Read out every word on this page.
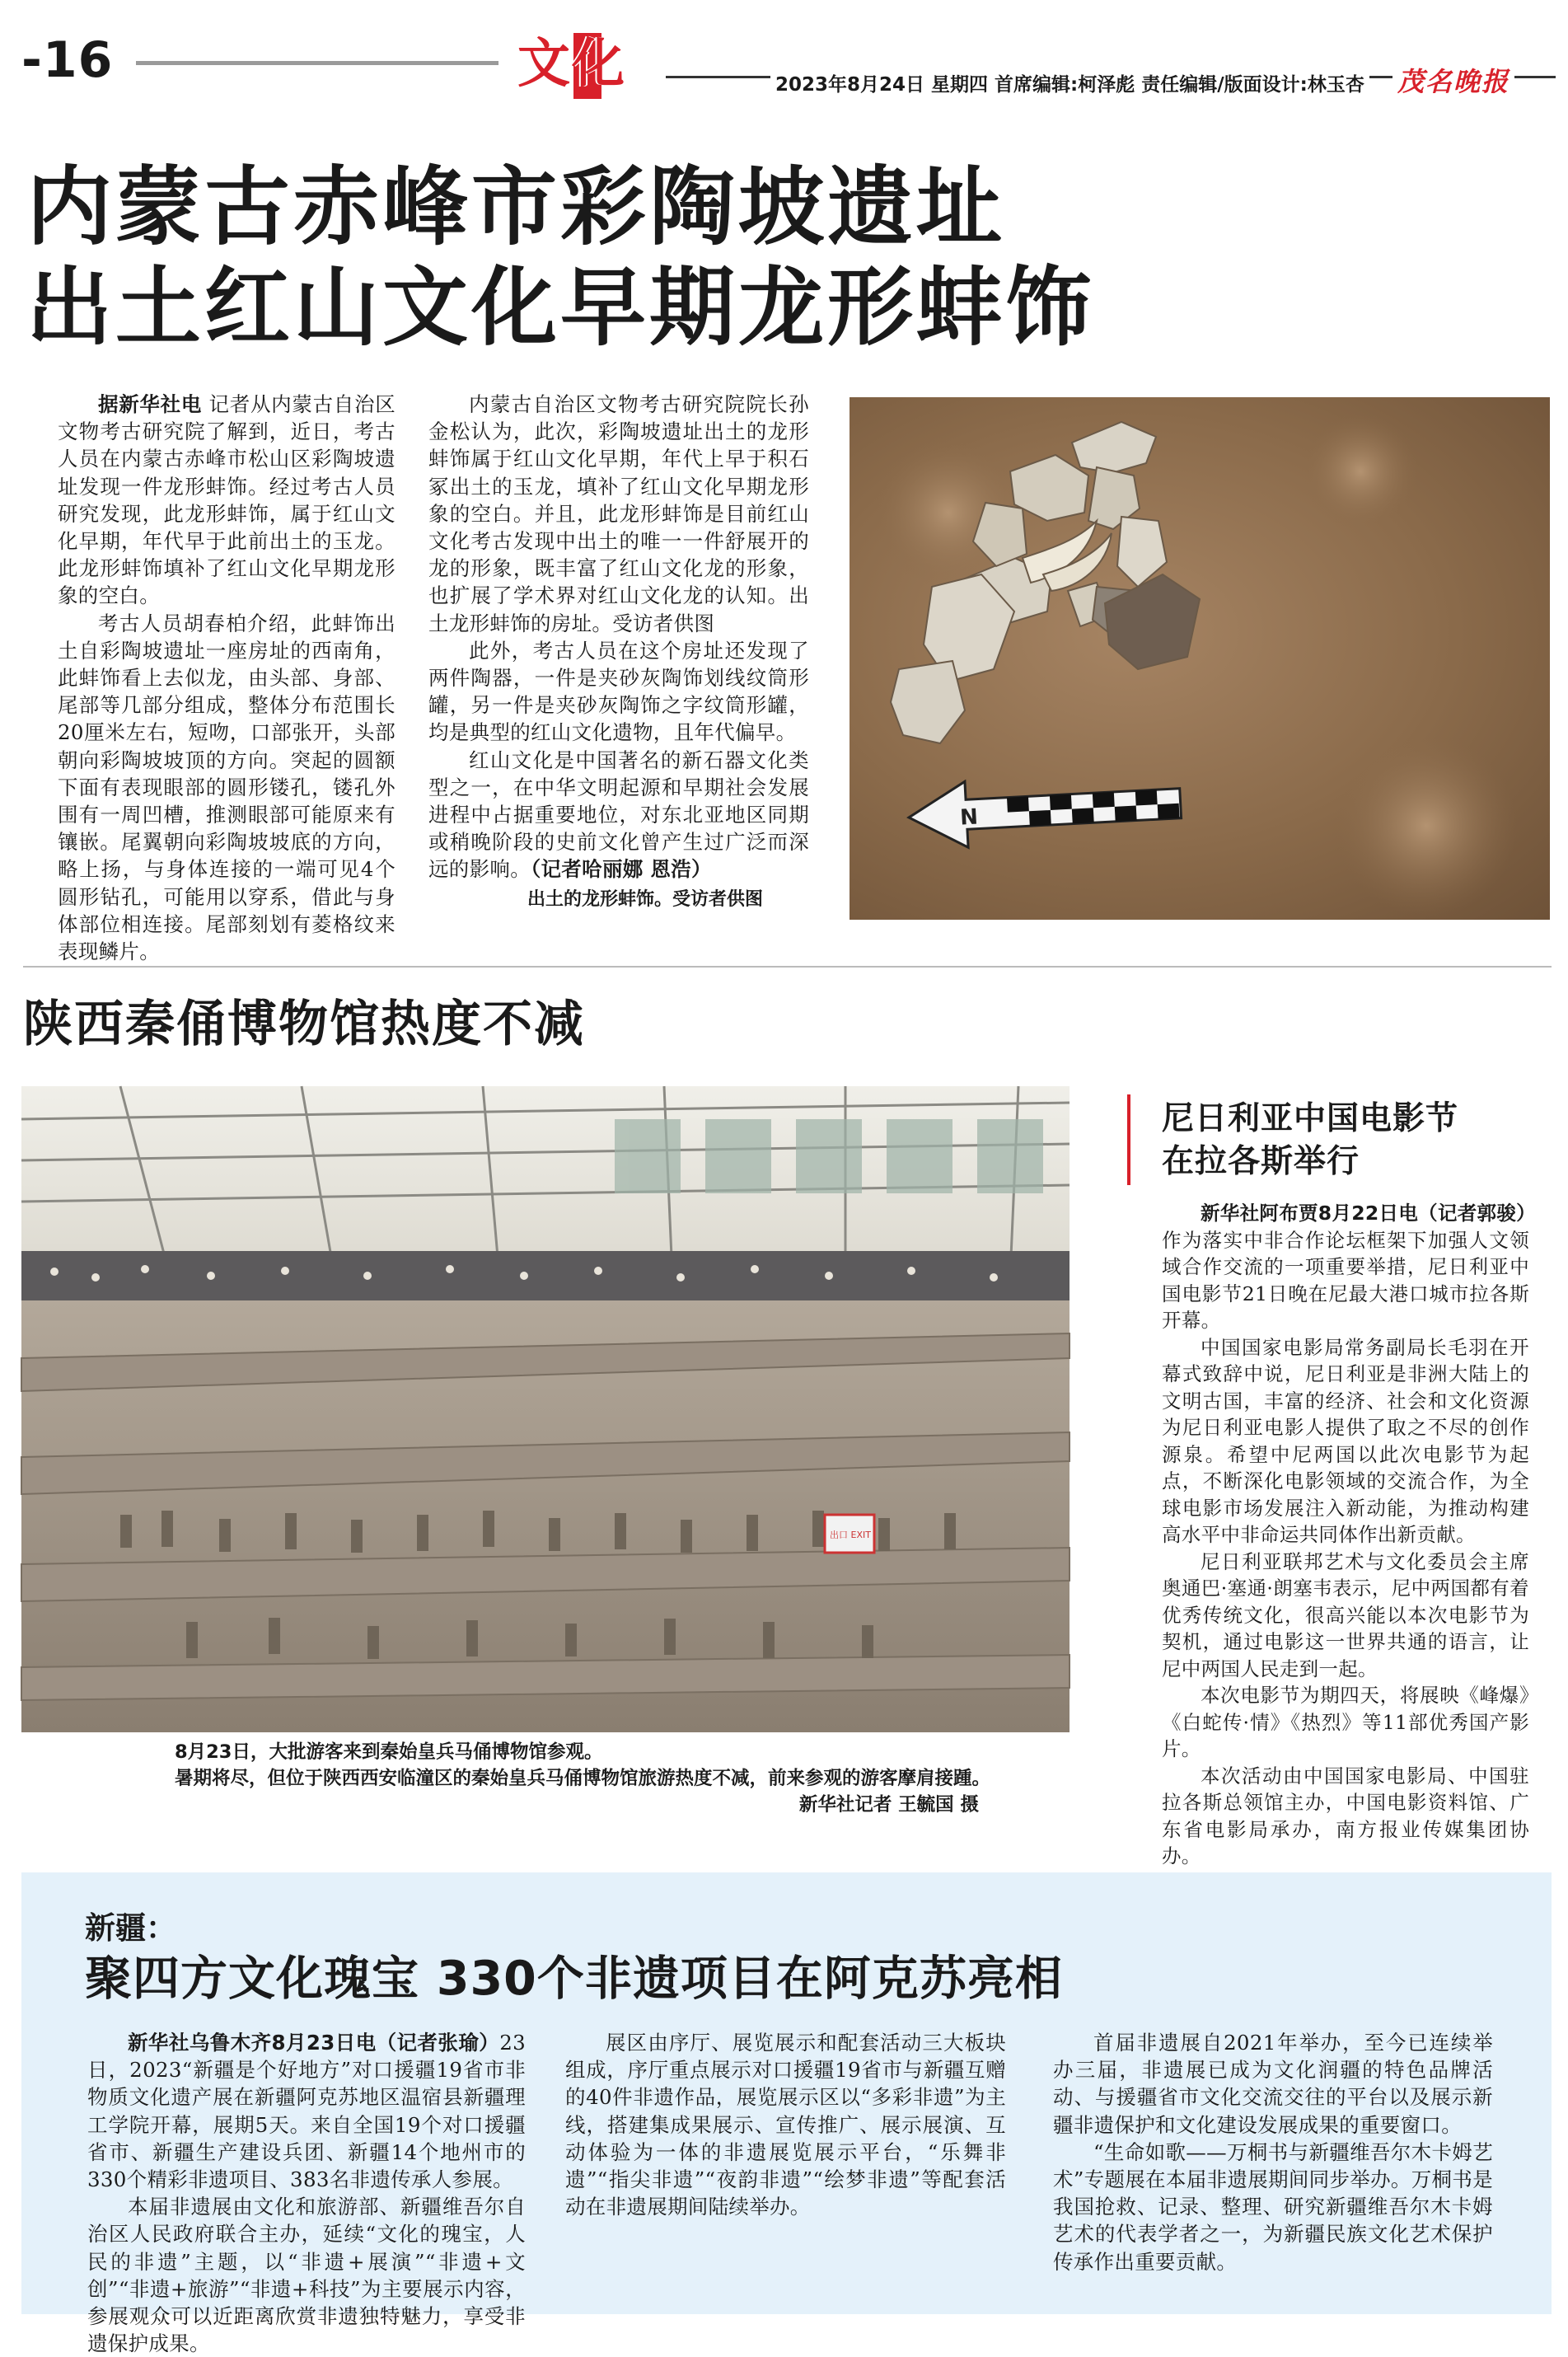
-16	文化	2023年8月24日 星期四 首席编辑:柯泽彪 责任编辑/版面设计:林玉杏 茂名晚报
内蒙古赤峰市彩陶坡遗址
出土红山文化早期龙形蚌饰

据新华社电 记者从内蒙古自治区文物考古研究院了解到，近日，考古人员在内蒙古赤峰市松山区彩陶坡遗址发现一件龙形蚌饰。经过考古人员研究发现，此龙形蚌饰，属于红山文化早期，年代早于此前出土的玉龙。此龙形蚌饰填补了红山文化早期龙形象的空白。

考古人员胡春柏介绍，此蚌饰出土自彩陶坡遗址一座房址的西南角，此蚌饰看上去似龙，由头部、身部、尾部等几部分组成，整体分布范围长20厘米左右，短吻，口部张开，头部朝向彩陶坡坡顶的方向。突起的圆额下面有表现眼部的圆形镂孔，镂孔外围有一周凹槽，推测眼部可能原来有镶嵌。尾翼朝向彩陶坡坡底的方向，略上扬，与身体连接的一端可见4个圆形钻孔，可能用以穿系，借此与身体部位相连接。尾部刻划有菱格纹来表现鳞片。

内蒙古自治区文物考古研究院院长孙金松认为，此次，彩陶坡遗址出土的龙形蚌饰属于红山文化早期，年代上早于积石冢出土的玉龙，填补了红山文化早期龙形象的空白。并且，此龙形蚌饰是目前红山文化考古发现中出土的唯一一件舒展开的龙的形象，既丰富了红山文化龙的形象，也扩展了学术界对红山文化龙的认知。出土龙形蚌饰的房址。受访者供图

此外，考古人员在这个房址还发现了两件陶器，一件是夹砂灰陶饰划线纹筒形罐，另一件是夹砂灰陶饰之字纹筒形罐，均是典型的红山文化遗物，且年代偏早。

红山文化是中国著名的新石器文化类型之一，在中华文明起源和早期社会发展进程中占据重要地位，对东北亚地区同期或稍晚阶段的史前文化曾产生过广泛而深远的影响。（记者哈丽娜 恩浩）

出土的龙形蚌饰。受访者供图
N
陕西秦俑博物馆热度不减
出口 EXIT
8月23日，大批游客来到秦始皇兵马俑博物馆参观。
暑期将尽，但位于陕西西安临潼区的秦始皇兵马俑博物馆旅游热度不减，前来参观的游客摩肩接踵。
新华社记者 王毓国 摄
尼日利亚中国电影节
在拉各斯举行

新华社阿布贾8月22日电（记者郭骏）作为落实中非合作论坛框架下加强人文领域合作交流的一项重要举措，尼日利亚中国电影节21日晚在尼最大港口城市拉各斯开幕。

中国国家电影局常务副局长毛羽在开幕式致辞中说，尼日利亚是非洲大陆上的文明古国，丰富的经济、社会和文化资源为尼日利亚电影人提供了取之不尽的创作源泉。希望中尼两国以此次电影节为起点，不断深化电影领域的交流合作，为全球电影市场发展注入新动能，为推动构建高水平中非命运共同体作出新贡献。

尼日利亚联邦艺术与文化委员会主席奥通巴·塞通·朗塞韦表示，尼中两国都有着优秀传统文化，很高兴能以本次电影节为契机，通过电影这一世界共通的语言，让尼中两国人民走到一起。

本次电影节为期四天，将展映《峰爆》《白蛇传·情》《热烈》等11部优秀国产影片。

本次活动由中国国家电影局、中国驻拉各斯总领馆主办，中国电影资料馆、广东省电影局承办，南方报业传媒集团协办。

新疆：
聚四方文化瑰宝 330个非遗项目在阿克苏亮相

新华社乌鲁木齐8月23日电（记者张瑜）23日，2023“新疆是个好地方”对口援疆19省市非物质文化遗产展在新疆阿克苏地区温宿县新疆理工学院开幕，展期5天。来自全国19个对口援疆省市、新疆生产建设兵团、新疆14个地州市的330个精彩非遗项目、383名非遗传承人参展。

本届非遗展由文化和旅游部、新疆维吾尔自治区人民政府联合主办，延续“文化的瑰宝，人民的非遗”主题，以“非遗+展演”“非遗+文创”“非遗+旅游”“非遗+科技”为主要展示内容，参展观众可以近距离欣赏非遗独特魅力，享受非遗保护成果。

展区由序厅、展览展示和配套活动三大板块组成，序厅重点展示对口援疆19省市与新疆互赠的40件非遗作品，展览展示区以“多彩非遗”为主线，搭建集成果展示、宣传推广、展示展演、互动体验为一体的非遗展览展示平台，“乐舞非遗”“指尖非遗”“夜韵非遗”“绘梦非遗”等配套活动在非遗展期间陆续举办。

首届非遗展自2021年举办，至今已连续举办三届，非遗展已成为文化润疆的特色品牌活动、与援疆省市文化交流交往的平台以及展示新疆非遗保护和文化建设发展成果的重要窗口。

“生命如歌——万桐书与新疆维吾尔木卡姆艺术”专题展在本届非遗展期间同步举办。万桐书是我国抢救、记录、整理、研究新疆维吾尔木卡姆艺术的代表学者之一，为新疆民族文化艺术保护传承作出重要贡献。
